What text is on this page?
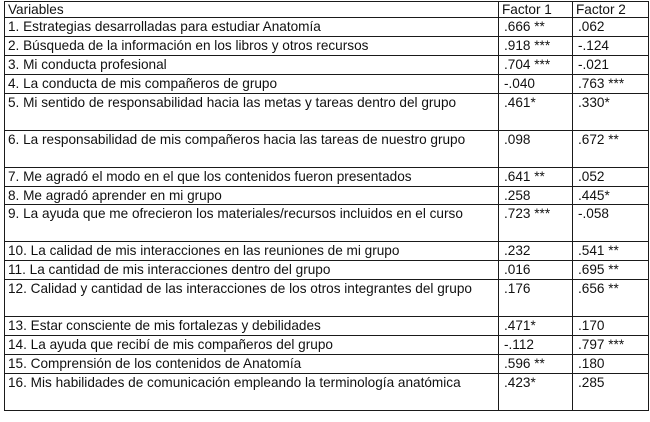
Variables	Factor 1	Factor 2
1. Estrategias desarrolladas para estudiar Anatomía	.666 **	.062
2. Búsqueda de la información en los libros y otros recursos	.918 ***	-.124
3. Mi conducta profesional	.704 ***	-.021
4. La conducta de mis compañeros de grupo	-.040	.763 ***
5. Mi sentido de responsabilidad hacia las metas y tareas dentro del grupo	.461*	.330*
6. La responsabilidad de mis compañeros hacia las tareas de nuestro grupo	.098	.672 **
7. Me agradó el modo en el que los contenidos fueron presentados	.641 **	.052
8. Me agradó aprender en mi grupo	.258	.445*
9. La ayuda que me ofrecieron los materiales/recursos incluidos en el curso	.723 ***	-.058
10. La calidad de mis interacciones en las reuniones de mi grupo	.232	.541 **
11. La cantidad de mis interacciones dentro del grupo	.016	.695 **
12. Calidad y cantidad de las interacciones de los otros integrantes del grupo	.176	.656 **
13. Estar consciente de mis fortalezas y debilidades	.471*	.170
14. La ayuda que recibí de mis compañeros del grupo	-.112	.797 ***
15. Comprensión de los contenidos de Anatomía	.596 **	.180
16. Mis habilidades de comunicación empleando la terminología anatómica	.423*	.285
